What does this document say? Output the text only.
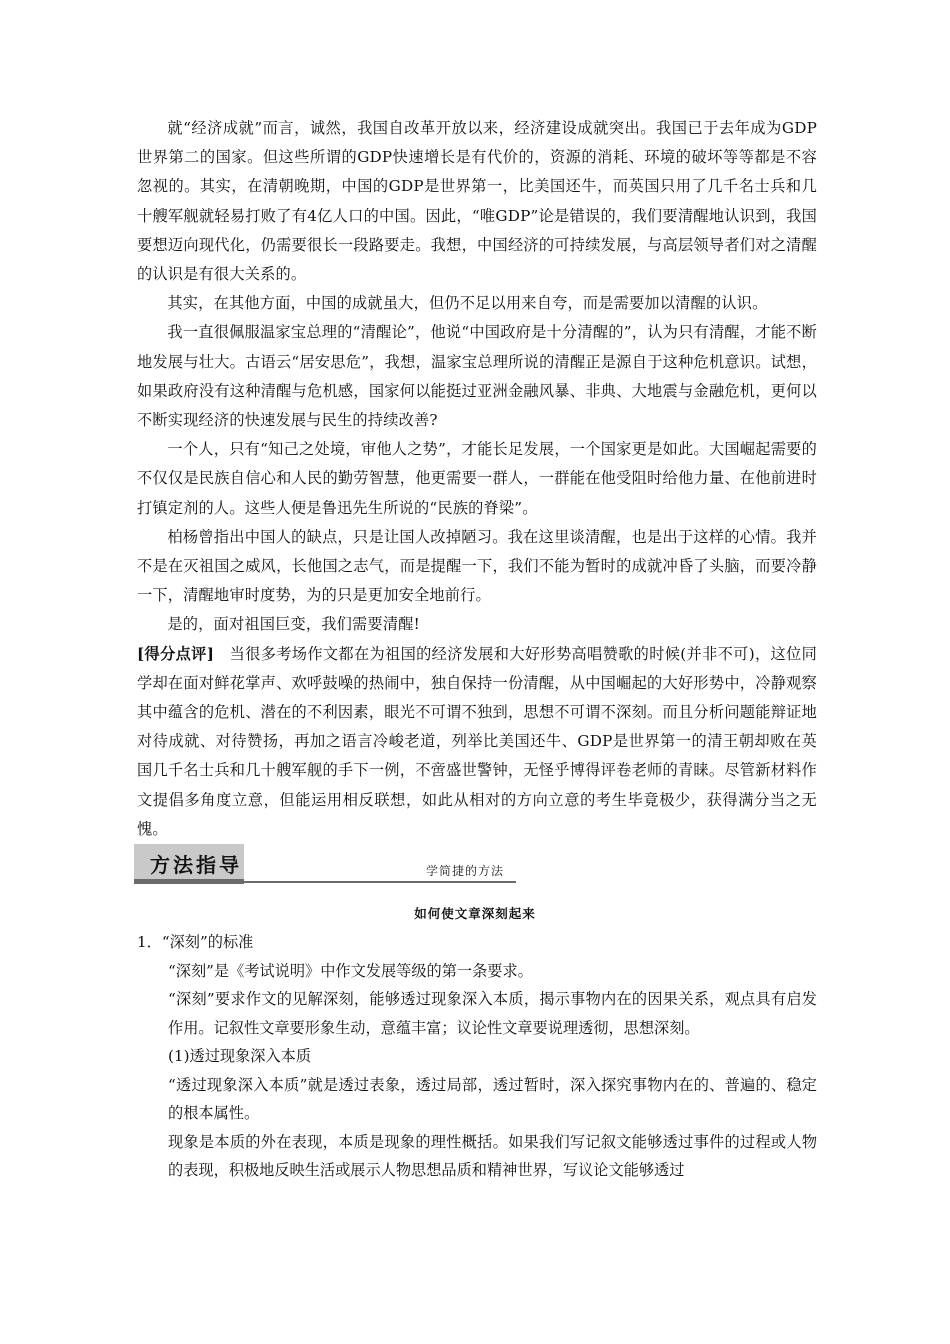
就“经济成就”而言，诚然，我国自改革开放以来，经济建设成就突出。我国已于去年成为GDP世界第二的国家。但这些所谓的GDP快速增长是有代价的，资源的消耗、环境的破坏等等都是不容忽视的。其实，在清朝晚期，中国的GDP是世界第一，比美国还牛，而英国只用了几千名士兵和几十艘军舰就轻易打败了有4亿人口的中国。因此，“唯GDP”论是错误的，我们要清醒地认识到，我国要想迈向现代化，仍需要很长一段路要走。我想，中国经济的可持续发展，与高层领导者们对之清醒的认识是有很大关系的。

其实，在其他方面，中国的成就虽大，但仍不足以用来自夸，而是需要加以清醒的认识。

我一直很佩服温家宝总理的“清醒论”，他说“中国政府是十分清醒的”，认为只有清醒，才能不断地发展与壮大。古语云“居安思危”，我想，温家宝总理所说的清醒正是源自于这种危机意识。试想，如果政府没有这种清醒与危机感，国家何以能挺过亚洲金融风暴、非典、大地震与金融危机，更何以不断实现经济的快速发展与民生的持续改善?

一个人，只有“知己之处境，审他人之势”，才能长足发展，一个国家更是如此。大国崛起需要的不仅仅是民族自信心和人民的勤劳智慧，他更需要一群人，一群能在他受阻时给他力量、在他前进时打镇定剂的人。这些人便是鲁迅先生所说的“民族的脊梁”。

柏杨曾指出中国人的缺点，只是让国人改掉陋习。我在这里谈清醒，也是出于这样的心情。我并不是在灭祖国之威风，长他国之志气，而是提醒一下，我们不能为暂时的成就冲昏了头脑，而要冷静一下，清醒地审时度势，为的只是更加安全地前行。

是的，面对祖国巨变，我们需要清醒!

[得分点评] 当很多考场作文都在为祖国的经济发展和大好形势高唱赞歌的时候(并非不可)，这位同学却在面对鲜花掌声、欢呼鼓噪的热闹中，独自保持一份清醒，从中国崛起的大好形势中，冷静观察其中蕴含的危机、潜在的不利因素，眼光不可谓不独到，思想不可谓不深刻。而且分析问题能辩证地对待成就、对待赞扬，再加之语言冷峻老道，列举比美国还牛、GDP是世界第一的清王朝却败在英国几千名士兵和几十艘军舰的手下一例，不啻盛世警钟，无怪乎博得评卷老师的青睐。尽管新材料作文提倡多角度立意，但能运用相反联想，如此从相对的方向立意的考生毕竟极少，获得满分当之无愧。

方法指导	学简捷的方法
如何使文章深刻起来
1．“深刻”的标准

“深刻”是《考试说明》中作文发展等级的第一条要求。

“深刻”要求作文的见解深刻，能够透过现象深入本质，揭示事物内在的因果关系，观点具有启发作用。记叙性文章要形象生动，意蕴丰富；议论性文章要说理透彻，思想深刻。

(1)透过现象深入本质

“透过现象深入本质”就是透过表象，透过局部，透过暂时，深入探究事物内在的、普遍的、稳定的根本属性。

现象是本质的外在表现，本质是现象的理性概括。如果我们写记叙文能够透过事件的过程或人物的表现，积极地反映生活或展示人物思想品质和精神世界，写议论文能够透过
